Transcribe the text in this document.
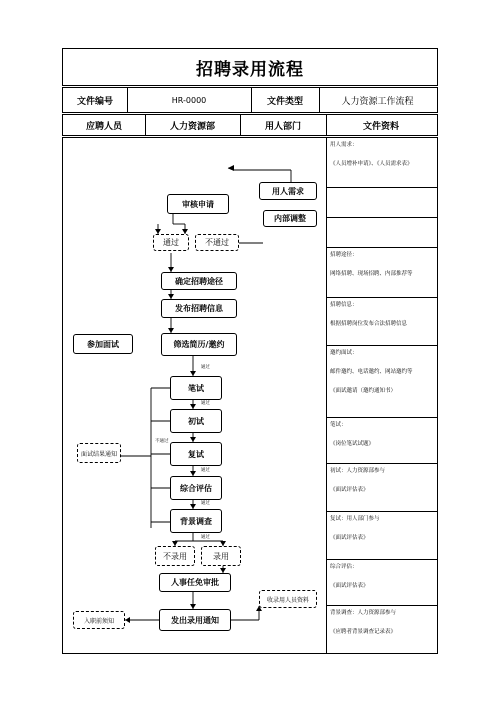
招聘录用流程
文件编号	HR-0000	文件类型	人力资源工作流程
应聘人员	人力资源部	用人部门	文件资料
用人需求
内部调整
审核申请
通过	不通过
确定招聘途径
发布招聘信息
筛选简历/邀约
参加面试
笔试
初试
复试
综合评估
背景调查
不录用	录用
人事任免审批
发出录用通知
面试结果通知
入职前须知
收录用人员资料
通过
不通过
通过
通过
通过
通过
用人需求：
《人员增补申请》、《人员需求表》
招聘途径：
网络招聘、现场招聘、内部推荐等
招聘信息：
根据招聘岗位发布合法招聘信息
邀约面试：
邮件邀约、电话邀约、网站邀约等
《面试邀请（邀约通知书）
笔试：
《岗位笔试试题》
初试：人力资源部参与
《面试评估表》
复试：用人部门参与
《面试评估表》
综合评估：
《面试评估表》
背景调查：人力资源部参与
《应聘者背景调查记录表》
